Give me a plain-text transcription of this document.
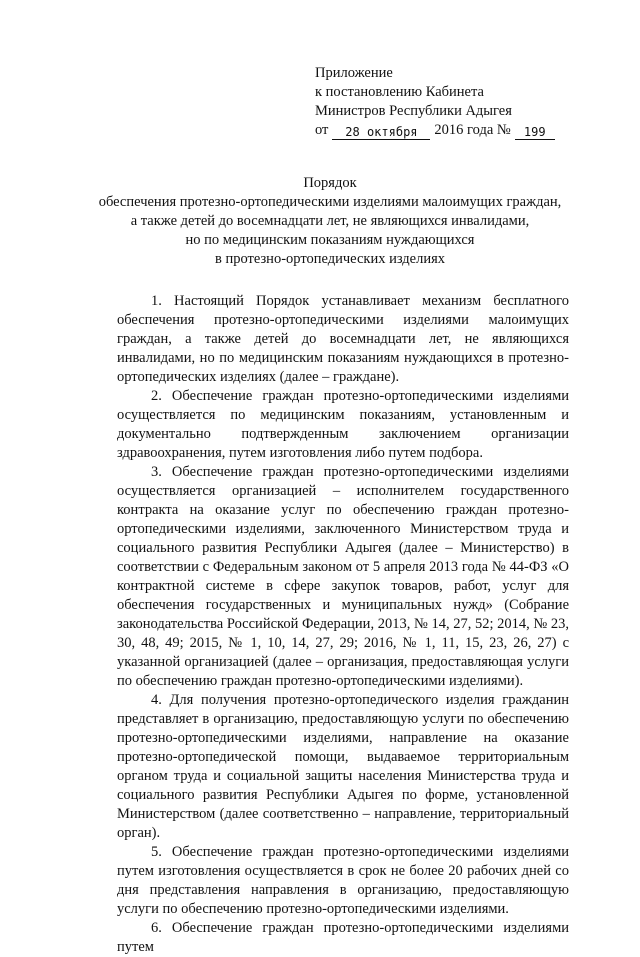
Приложение
к постановлению Кабинета
Министров Республики Адыгея
от	28 октября	2016 года №	199
Порядок
обеспечения протезно-ортопедическими изделиями малоимущих граждан,
а также детей до восемнадцати лет, не являющихся инвалидами,
но по медицинским показаниям нуждающихся
в протезно-ортопедических изделиях

1. Настоящий Порядок устанавливает механизм бесплатного обеспечения протезно-ортопедическими изделиями малоимущих граждан, а также детей до восемнадцати лет, не являющихся инвалидами, но по медицинским показаниям нуждающихся в протезно-ортопедических изделиях (далее – граждане).

2. Обеспечение граждан протезно-ортопедическими изделиями осуществляется по медицинским показаниям, установленным и документально подтвержденным заключением организации здравоохранения, путем изготовления либо путем подбора.

3. Обеспечение граждан протезно-ортопедическими изделиями осуществляется организацией – исполнителем государственного контракта на оказание услуг по обеспечению граждан протезно-ортопедическими изделиями, заключенного Министерством труда и социального развития Республики Адыгея (далее – Министерство) в соответствии с Федеральным законом от 5 апреля 2013 года № 44-ФЗ «О контрактной системе в сфере закупок товаров, работ, услуг для обеспечения государственных и муниципальных нужд» (Собрание законодательства Российской Федерации, 2013, № 14, 27, 52; 2014, № 23, 30, 48, 49; 2015, № 1, 10, 14, 27, 29; 2016, № 1, 11, 15, 23, 26, 27) с указанной организацией (далее – организация, предоставляющая услуги по обеспечению граждан протезно-ортопедическими изделиями).

4. Для получения протезно-ортопедического изделия гражданин представляет в организацию, предоставляющую услуги по обеспечению протезно-ортопедическими изделиями, направление на оказание протезно-ортопедической помощи, выдаваемое территориальным органом труда и социальной защиты населения Министерства труда и социального развития Республики Адыгея по форме, установленной Министерством (далее соответственно – направление, территориальный орган).

5. Обеспечение граждан протезно-ортопедическими изделиями путем изготовления осуществляется в срок не более 20 рабочих дней со дня представления направления в организацию, предоставляющую услуги по обеспечению протезно-ортопедическими изделиями.

6. Обеспечение граждан протезно-ортопедическими изделиями путем
